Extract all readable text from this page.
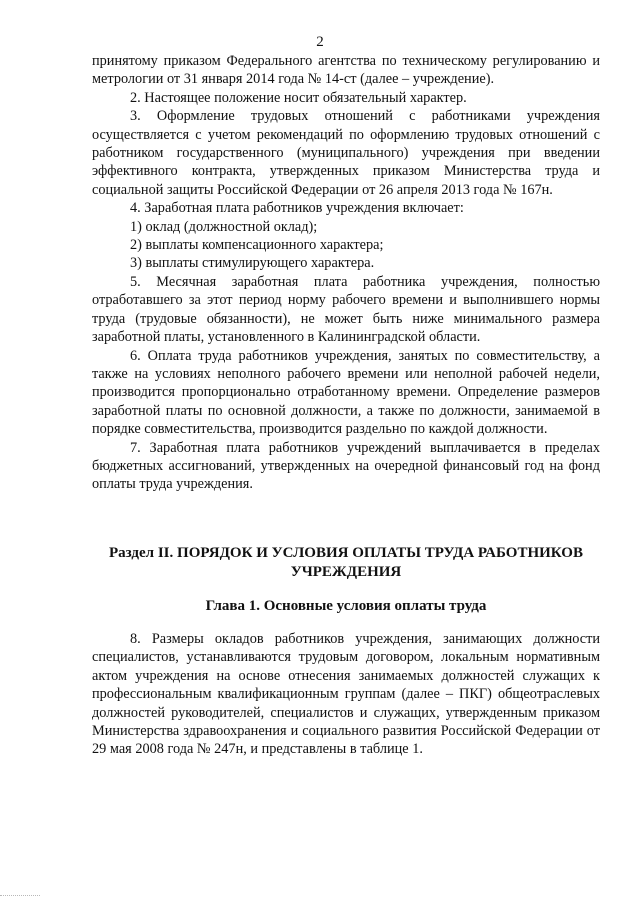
2

принятому приказом Федерального агентства по техническому регулированию и метрологии от 31 января 2014 года № 14-ст (далее – учреждение).

2. Настоящее положение носит обязательный характер.

3. Оформление трудовых отношений с работниками учреждения осуществляется с учетом рекомендаций по оформлению трудовых отношений с работником государственного (муниципального) учреждения при введении эффективного контракта, утвержденных приказом Министерства труда и социальной защиты Российской Федерации от 26 апреля 2013 года № 167н.

4. Заработная плата работников учреждения включает:

1) оклад (должностной оклад);

2) выплаты компенсационного характера;

3) выплаты стимулирующего характера.

5. Месячная заработная плата работника учреждения, полностью отработавшего за этот период норму рабочего времени и выполнившего нормы труда (трудовые обязанности), не может быть ниже минимального размера заработной платы, установленного в Калининградской области.

6. Оплата труда работников учреждения, занятых по совместительству, а также на условиях неполного рабочего времени или неполной рабочей недели, производится пропорционально отработанному времени. Определение размеров заработной платы по основной должности, а также по должности, занимаемой в порядке совместительства, производится раздельно по каждой должности.

7. Заработная плата работников учреждений выплачивается в пределах бюджетных ассигнований, утвержденных на очередной финансовый год на фонд оплаты труда учреждения.

Раздел II. ПОРЯДОК И УСЛОВИЯ ОПЛАТЫ ТРУДА РАБОТНИКОВ УЧРЕЖДЕНИЯ
Глава 1. Основные условия оплаты труда

8. Размеры окладов работников учреждения, занимающих должности специалистов, устанавливаются трудовым договором, локальным нормативным актом учреждения на основе отнесения занимаемых должностей служащих к профессиональным квалификационным группам (далее – ПКГ) общеотраслевых должностей руководителей, специалистов и служащих, утвержденным приказом Министерства здравоохранения и социального развития Российской Федерации от 29 мая 2008 года № 247н, и представлены в таблице 1.
